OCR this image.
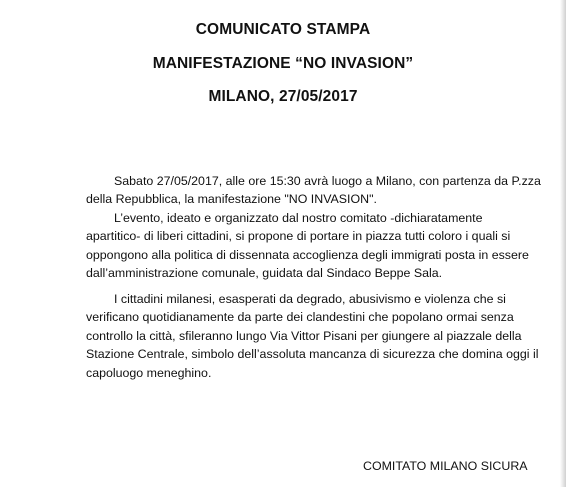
COMUNICATO STAMPA
MANIFESTAZIONE “NO INVASION”
MILANO, 27/05/2017
Sabato 27/05/2017, alle ore 15:30 avrà luogo a Milano, con partenza da P.zza
della Repubblica, la manifestazione "NO INVASION".
L’evento, ideato e organizzato dal nostro comitato -dichiaratamente
apartitico- di liberi cittadini, si propone di portare in piazza tutti coloro i quali si
oppongono alla politica di dissennata accoglienza degli immigrati posta in essere
dall’amministrazione comunale, guidata dal Sindaco Beppe Sala.
I cittadini milanesi, esasperati da degrado, abusivismo e violenza che si
verificano quotidianamente da parte dei clandestini che popolano ormai senza
controllo la città, sfileranno lungo Via Vittor Pisani per giungere al piazzale della
Stazione Centrale, simbolo dell’assoluta mancanza di sicurezza che domina oggi il
capoluogo meneghino.
COMITATO MILANO SICURA
